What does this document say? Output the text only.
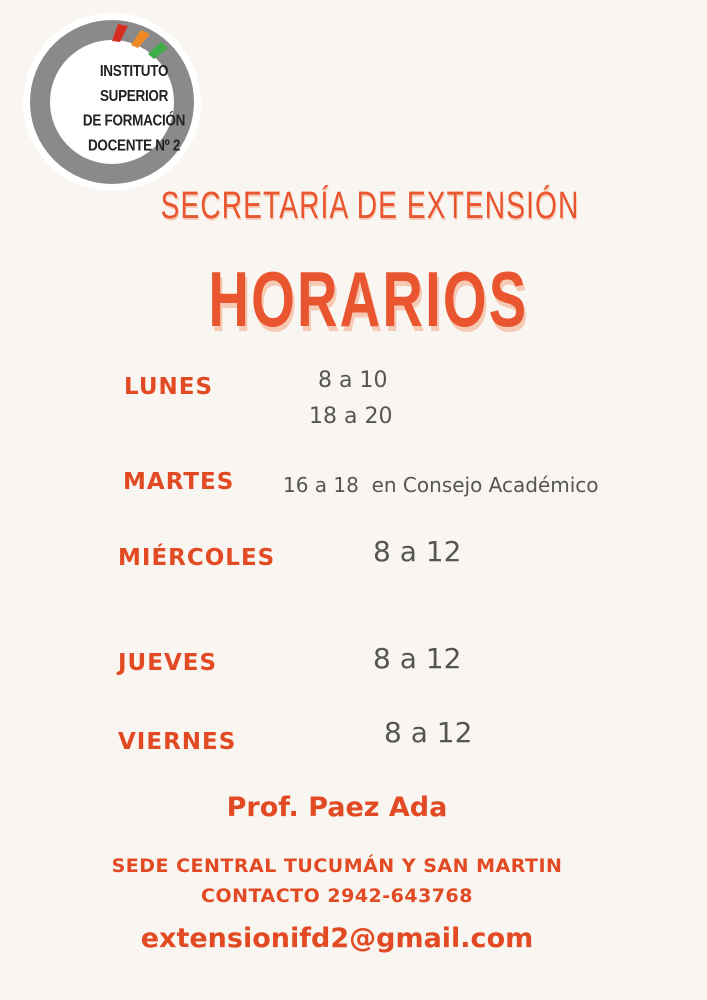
INSTITUTO
SUPERIOR
DE FORMACIÓN
DOCENTE Nº 2
SECRETARÍA DE EXTENSIÓN
HORARIOS
LUNES	8 a 10
18 a 20
MARTES 16 a 18  en Consejo Académico
MIÉRCOLES	8 a 12
JUEVES	8 a 12
VIERNES	8 a 12
Prof. Paez Ada
SEDE CENTRAL TUCUMÁN Y SAN MARTIN
CONTACTO 2942-643768
extensionifd2@gmail.com
